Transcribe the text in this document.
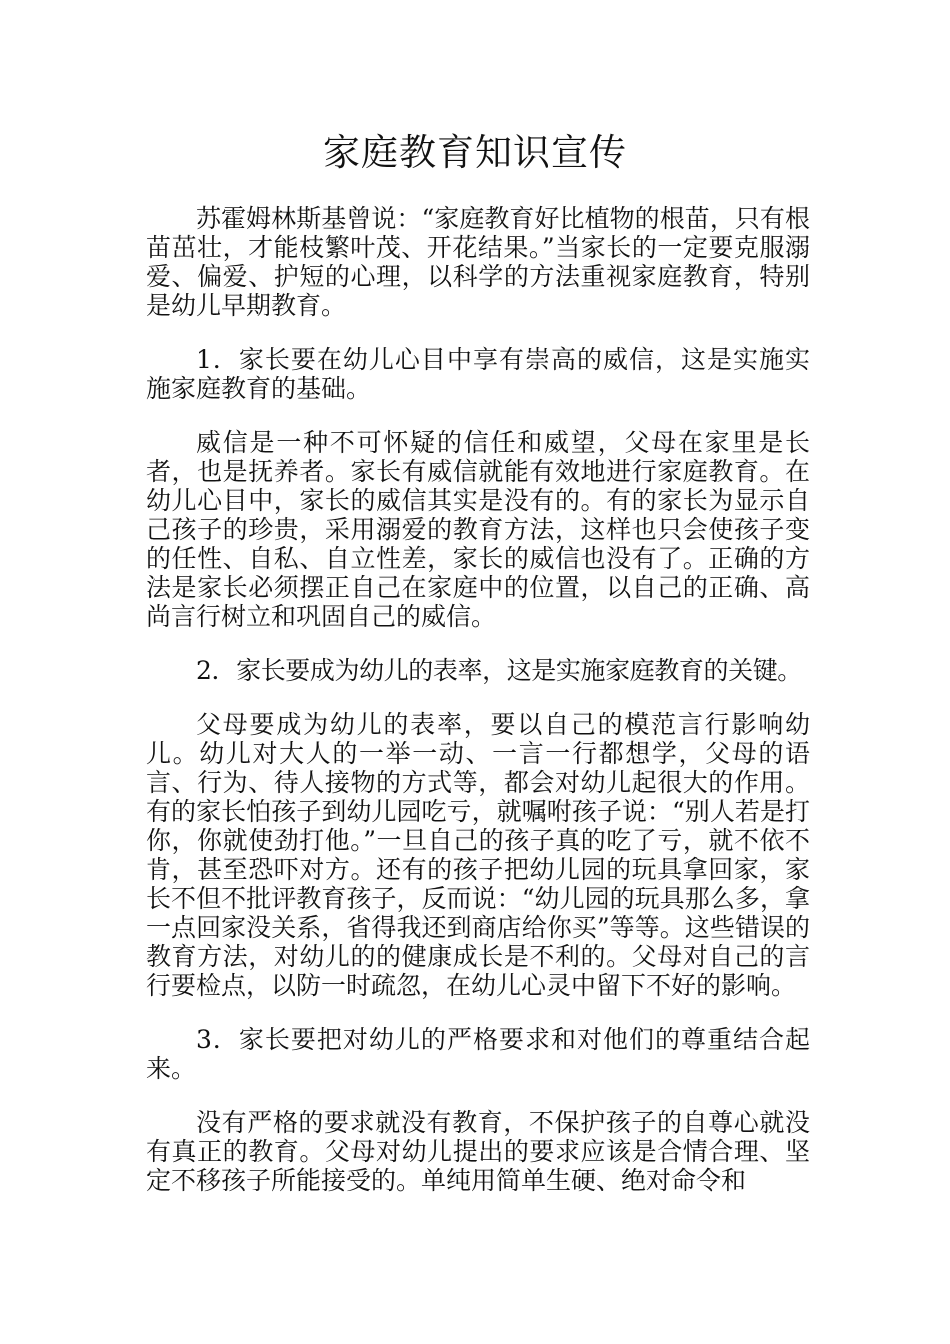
家庭教育知识宣传

苏霍姆林斯基曾说：“家庭教育好比植物的根苗，只有根苗茁壮，才能枝繁叶茂、开花结果。”当家长的一定要克服溺爱、偏爱、护短的心理，以科学的方法重视家庭教育，特别是幼儿早期教育。

1．家长要在幼儿心目中享有崇高的威信，这是实施实施家庭教育的基础。

威信是一种不可怀疑的信任和威望，父母在家里是长者，也是抚养者。家长有威信就能有效地进行家庭教育。在幼儿心目中，家长的威信其实是没有的。有的家长为显示自己孩子的珍贵，采用溺爱的教育方法，这样也只会使孩子变的任性、自私、自立性差，家长的威信也没有了。正确的方法是家长必须摆正自己在家庭中的位置，以自己的正确、高尚言行树立和巩固自己的威信。

2．家长要成为幼儿的表率，这是实施家庭教育的关键。

父母要成为幼儿的表率，要以自己的模范言行影响幼儿。幼儿对大人的一举一动、一言一行都想学，父母的语言、行为、待人接物的方式等，都会对幼儿起很大的作用。有的家长怕孩子到幼儿园吃亏，就嘱咐孩子说：“别人若是打你，你就使劲打他。”一旦自己的孩子真的吃了亏，就不依不肯，甚至恐吓对方。还有的孩子把幼儿园的玩具拿回家，家长不但不批评教育孩子，反而说：“幼儿园的玩具那么多，拿一点回家没关系，省得我还到商店给你买”等等。这些错误的教育方法，对幼儿的的健康成长是不利的。父母对自己的言行要检点，以防一时疏忽，在幼儿心灵中留下不好的影响。

3．家长要把对幼儿的严格要求和对他们的尊重结合起来。

没有严格的要求就没有教育，不保护孩子的自尊心就没有真正的教育。父母对幼儿提出的要求应该是合情合理、坚定不移孩子所能接受的。单纯用简单生硬、绝对命令和
